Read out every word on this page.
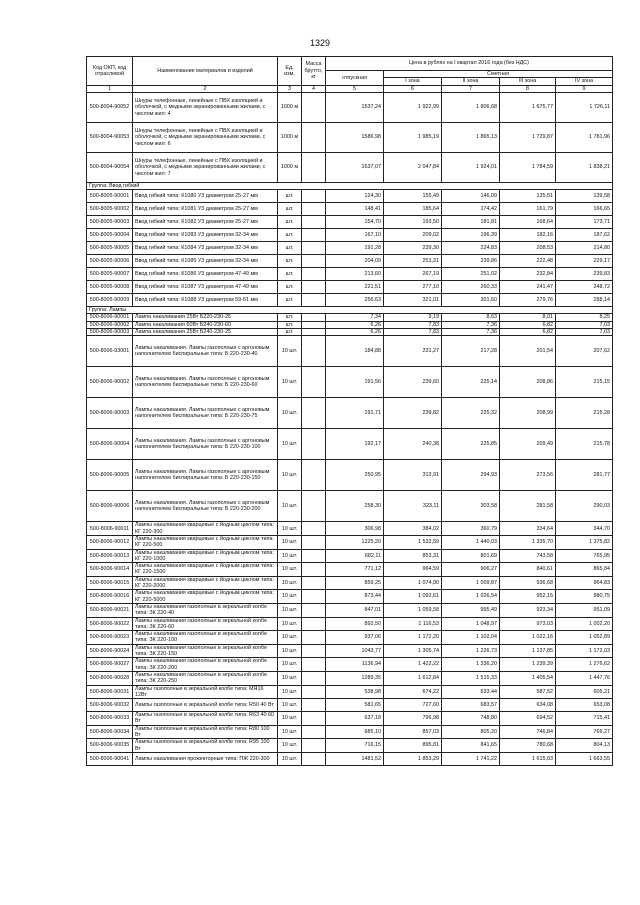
1329
Код ОКП, код отраслевой	Наименование материалов и изделий	Ед. изм.	Масса брутто, кг	Цена в рублях на I квартал 2016 года (без НДС)				
				отпускная	Сметная			
					I зона	II зона	III зона	IV зона
1	2	3	4	5	6	7	8	9
500-8004-90052	Шнуры телефонные, линейные с ПВХ изоляцией и оболочкой, с медными экранированными жилами, с числом жил: 4	1000 м		1537,24	1 922,99	1 806,68	1 675,77	1 726,11
500-8004-90053	Шнуры телефонные, линейные с ПВХ изоляцией и оболочкой, с медными экранированными жилами, с числом жил: 6	1000 м		1586,98	1 985,19	1 865,13	1 729,87	1 781,96
500-8004-90054	Шнуры телефонные, линейные с ПВХ изоляцией и оболочкой, с медными экранированными жилами, с числом жил: 7	1000 м		1637,07	2 047,84	1 924,01	1 784,59	1 838,21
Группа: Ввод гибкий								
500-8005-90001	Ввод гибкий типа: К1080 У3 диаметром 25-27 мм	шт.		124,30	155,49	146,09	135,51	139,58
500-8005-90002	Ввод гибкий типа: К1081 У3 диаметром 25-27 мм	шт.		148,41	185,64	174,42	161,79	166,65
500-8005-90003	Ввод гибкий типа: К1082 У3 диаметром 25-27 мм	шт.		154,70	193,50	181,81	168,64	173,71
500-8005-90004	Ввод гибкий типа: К1083 У3 диаметром 32-34 мм	шт.		167,10	209,02	196,39	182,16	187,62
500-8005-90005	Ввод гибкий типа: К1084 У3 диаметром 32-34 мм	шт.		191,28	239,30	224,83	208,53	214,80
500-8005-90006	Ввод гибкий типа: К1085 У3 диаметром 32-34 мм	шт.		204,09	253,31	239,86	222,48	229,17
500-8005-90007	Ввод гибкий типа: К1086 У3 диаметром 47-49 мм	шт.		213,60	267,19	251,02	232,84	239,83
500-8005-90008	Ввод гибкий типа: К1087 У3 диаметром 47-49 мм	шт.		221,51	277,10	260,33	241,47	248,72
500-8005-90009	Ввод гибкий типа: К1088 У3 диаметром 59-61 мм	шт.		256,63	321,01	301,60	279,76	288,14
Группа: Лампы								
500-8006-90001	Лампа накаливания 25Вт Б220-230-25	шт.		7,34	9,19	8,63	8,01	8,25
500-8006-90002	Лампа накаливания 60Вт Б240-230-60	шт.		6,26	7,83	7,36	6,82	7,03
500-8006-90003	Лампа накаливания 25Вт Б240-230-25	шт.		6,26	7,83	7,36	6,82	7,03
500-8006-93001	Лампы накаливания. Лампы газополные с аргоновым наполнителем биспиральные типа: Б 220-230-40	10 шт.		184,88	231,27	217,28	201,54	207,62
500-8006-90002	Лампы накаливания. Лампы газополные с аргоновым наполнителем биспиральные типа: Б 220-230-60	10 шт.		191,56	239,60	225,14	208,86	215,15
500-8006-90003	Лампы накаливания. Лампы газополные с аргоновым наполнителем биспиральные типа: Б 220-230-75	10 шт.		191,71	239,82	225,32	208,99	215,28
500-8006-90004	Лампы накаливания. Лампы газополные с аргоновым наполнителем биспиральные типа: Б 220-230-100	10 шт.		192,17	240,38	225,85	209,49	215,78
500-8006-90005	Лампы накаливания. Лампы газополные с аргоновым наполнителем биспиральные типа: Б 220-230-150	10 шт.		250,95	313,91	294,93	273,56	281,77
500-8006-90006	Лампы накаливания. Лампы газополные с аргоновым наполнителем биспиральные типа: Б 220-230-200	10 шт.		258,30	323,11	303,58	281,58	290,03
500-8006-90011	Лампы накаливания кварцевые с йодным циклом типа: КГ 220-300	10 шт.		306,98	384,02	360,79	334,64	344,70
500-8006-90012	Лампы накаливания кварцевые с йодным циклом типа: КГ 220-500	10 шт.		1225,20	1 532,59	1 440,03	1 335,70	1 375,82
500-8006-90013	Лампы накаливания кварцевые с йодным циклом типа: КГ 220-1000	10 шт.		682,11	853,31	801,69	743,58	765,95
500-8006-90014	Лампы накаливания кварцевые с йодным циклом типа: КГ 220-1500	10 шт.		771,12	964,59	906,27	840,61	865,84
500-8006-90015	Лампы накаливания кварцевые с йодным циклом типа: КГ 220-2000	10 шт.		859,25	1 074,90	1 009,87	936,68	964,83
500-8006-90016	Лампы накаливания кварцевые с йодным циклом типа: КГ 220-5000	10 шт.		873,44	1 092,61	1 026,54	952,15	980,75
500-8006-90021	Лампы накаливания газополные в зеркальной колбе типа: ЗК 220-40	10 шт.		847,01	1 059,58	995,49	923,34	951,09
500-8006-90022	Лампы накаливания газополные в зеркальной колбе типа: ЗК 220-60	10 шт.		892,50	1 116,53	1 048,97	973,03	1 002,20
500-8006-90023	Лампы накаливания газополные в зеркальной колбе типа: ЗК 220-100	10 шт.		937,06	1 172,20	1 102,04	1 022,16	1 052,89
500-8006-90024	Лампы накаливания газополные в зеркальной колбе типа: ЗК 220-150	10 шт.		1043,77	1 305,74	1 226,73	1 137,85	1 172,03
500-8006-90027	Лампы накаливания газополные в зеркальной колбе типа: ЗК 220-200	10 шт.		1136,94	1 422,22	1 336,20	1 239,39	1 276,62
500-8006-90028	Лампы накаливания газополные в зеркальной колбе типа: ЗК 220-250	10 шт.		1289,35	1 612,84	1 515,33	1 405,54	1 447,76
500-8006-90031	Лампы газополные в зеркальной колбе типа: МЯ16 12Вт	10 шт.		538,98	674,22	633,44	587,52	605,21
500-8006-90032	Лампы газополные в зеркальной колбе типа: R50 40 Вт	10 шт.		581,65	727,60	683,57	634,08	653,08
500-8006-90033	Лампы газополные в зеркальной колбе типа: R63 40 60 Вт	10 шт.		637,18	796,98	748,80	694,52	715,41
500-8006-90034	Лампы газополные в зеркальной колбе типа: R80 100 Вт	10 шт.		685,10	857,03	805,20	746,84	769,27
500-8006-90035	Лампы газополные в зеркальной колбе типа: R95 100 Вт	10 шт.		716,15	895,81	841,65	780,68	804,13
500-8006-90041	Лампы накаливания прожекторные типа: ПЖ 220-300	10 шт.		1481,52	1 853,29	1 741,22	1 615,03	1 663,55
